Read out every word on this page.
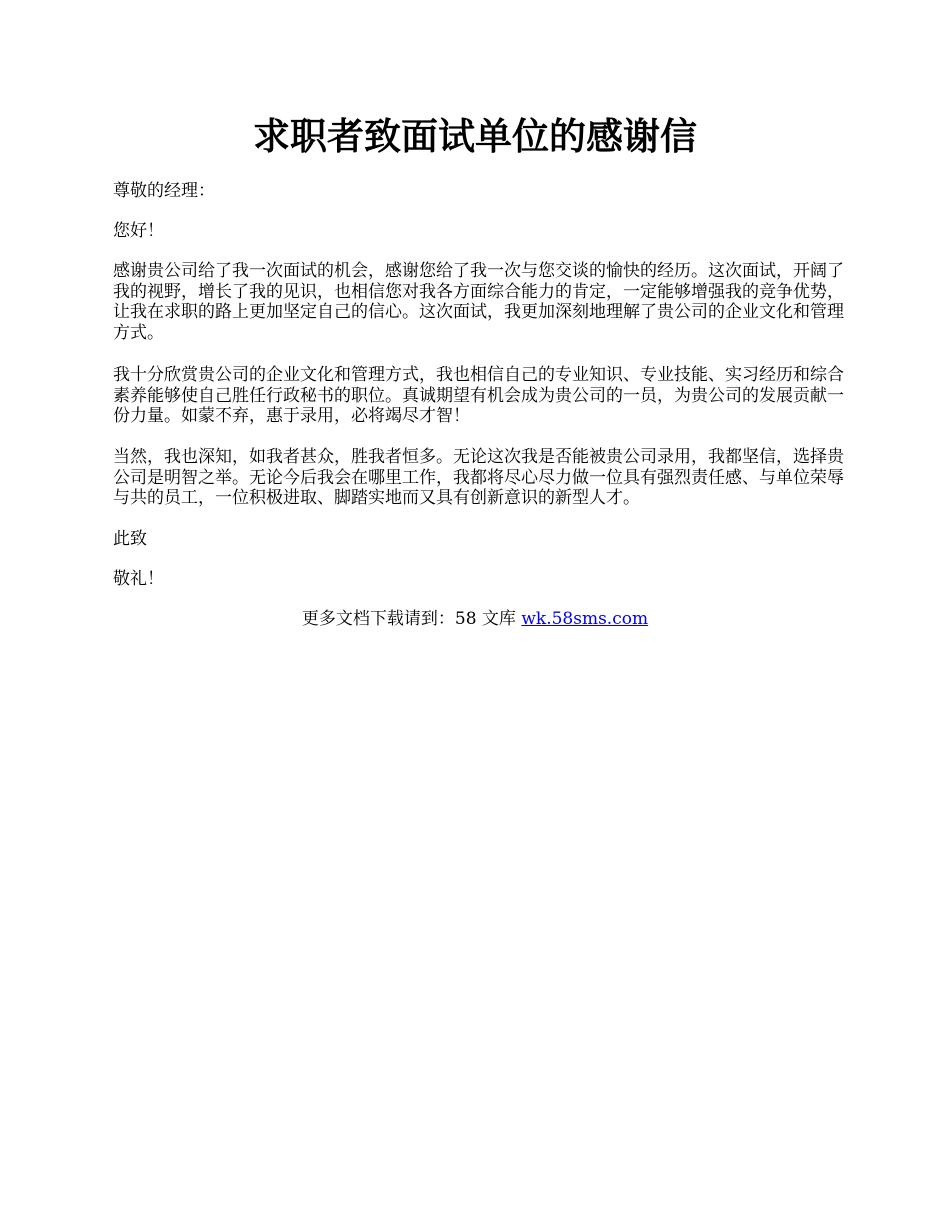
求职者致面试单位的感谢信

尊敬的经理：

您好！

感谢贵公司给了我一次面试的机会，感谢您给了我一次与您交谈的愉快的经历。这次面试，开阔了我的视野，增长了我的见识，也相信您对我各方面综合能力的肯定，一定能够增强我的竞争优势，让我在求职的路上更加坚定自己的信心。这次面试，我更加深刻地理解了贵公司的企业文化和管理方式。

我十分欣赏贵公司的企业文化和管理方式，我也相信自己的专业知识、专业技能、实习经历和综合素养能够使自己胜任行政秘书的职位。真诚期望有机会成为贵公司的一员，为贵公司的发展贡献一份力量。如蒙不弃，惠于录用，必将竭尽才智！

当然，我也深知，如我者甚众，胜我者恒多。无论这次我是否能被贵公司录用，我都坚信，选择贵公司是明智之举。无论今后我会在哪里工作，我都将尽心尽力做一位具有强烈责任感、与单位荣辱与共的员工，一位积极进取、脚踏实地而又具有创新意识的新型人才。

此致

敬礼！

更多文档下载请到：58 文库 wk.58sms.com
